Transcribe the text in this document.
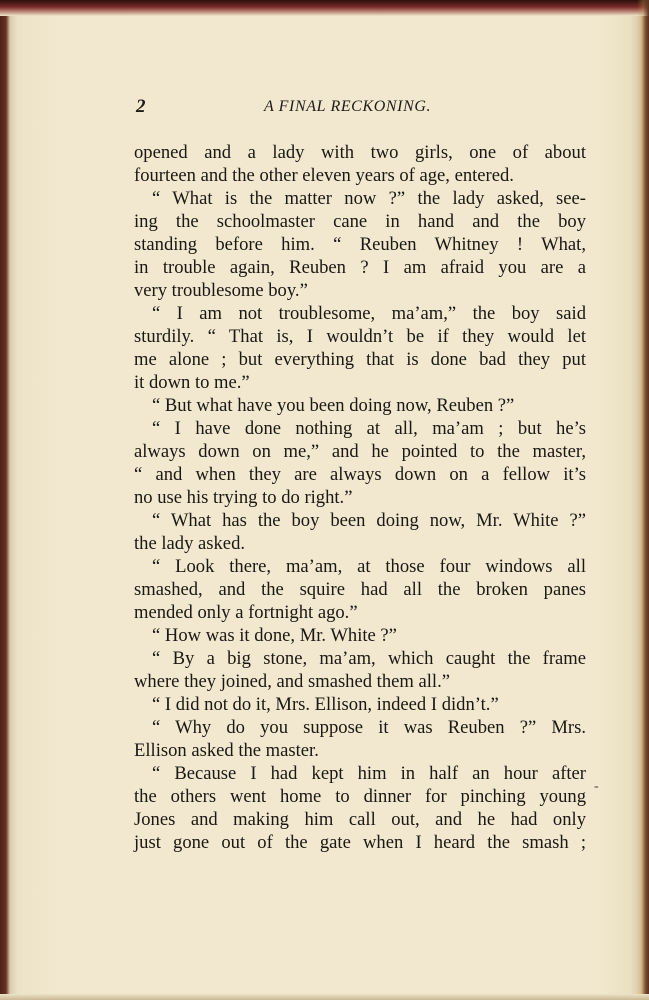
2	A FINAL RECKONING.
opened and a lady with two girls, one of about
fourteen and the other eleven years of age, entered.
“ What is the matter now ?” the lady asked, see-
ing the schoolmaster cane in hand and the boy
standing before him. “ Reuben Whitney ! What,
in trouble again, Reuben ? I am afraid you are a
very troublesome boy.”
“ I am not troublesome, ma’am,” the boy said
sturdily. “ That is, I wouldn’t be if they would let
me alone ; but everything that is done bad they put
it down to me.”
“ But what have you been doing now, Reuben ?”
“ I have done nothing at all, ma’am ; but he’s
always down on me,” and he pointed to the master,
“ and when they are always down on a fellow it’s
no use his trying to do right.”
“ What has the boy been doing now, Mr. White ?”
the lady asked.
“ Look there, ma’am, at those four windows all
smashed, and the squire had all the broken panes
mended only a fortnight ago.”
“ How was it done, Mr. White ?”
“ By a big stone, ma’am, which caught the frame
where they joined, and smashed them all.”
“ I did not do it, Mrs. Ellison, indeed I didn’t.”
“ Why do you suppose it was Reuben ?” Mrs.
Ellison asked the master.
“ Because I had kept him in half an hour after
the others went home to dinner for pinching young
Jones and making him call out, and he had only
just gone out of the gate when I heard the smash ;
-
